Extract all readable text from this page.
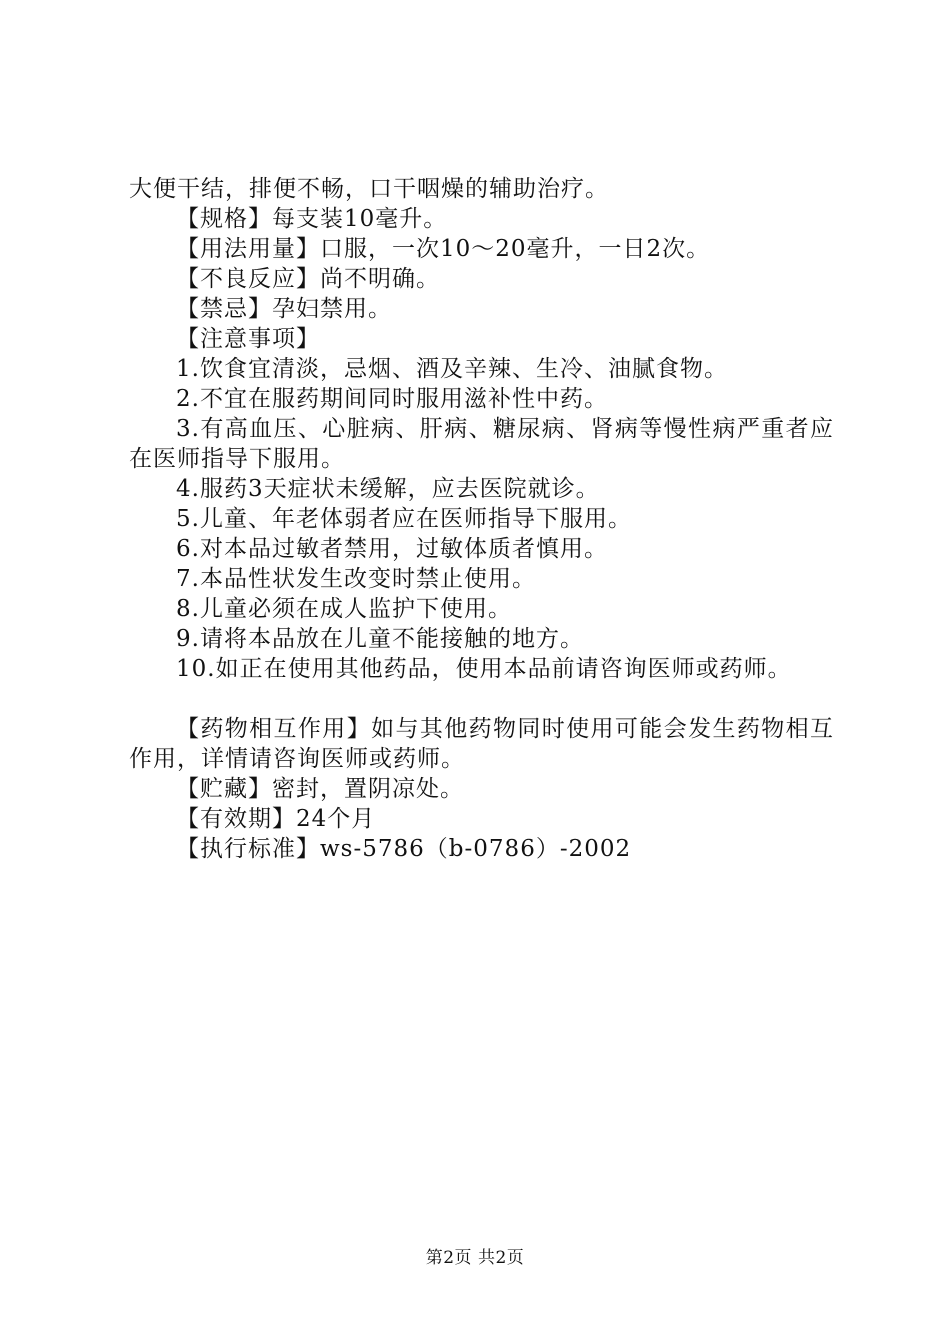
大便干结，排便不畅，口干咽燥的辅助治疗。
【规格】每支装10毫升。
【用法用量】口服，一次10～20毫升，一日2次。
【不良反应】尚不明确。
【禁忌】孕妇禁用。
【注意事项】
1.饮食宜清淡，忌烟、酒及辛辣、生冷、油腻食物。
2.不宜在服药期间同时服用滋补性中药。
3.有高血压、心脏病、肝病、糖尿病、肾病等慢性病严重者应在医师指导下服用。
4.服药3天症状未缓解，应去医院就诊。
5.儿童、年老体弱者应在医师指导下服用。
6.对本品过敏者禁用，过敏体质者慎用。
7.本品性状发生改变时禁止使用。
8.儿童必须在成人监护下使用。
9.请将本品放在儿童不能接触的地方。
10.如正在使用其他药品，使用本品前请咨询医师或药师。
【药物相互作用】如与其他药物同时使用可能会发生药物相互作用，详情请咨询医师或药师。
【贮藏】密封，置阴凉处。
【有效期】24个月
【执行标准】ws-5786（b-0786）-2002
第2页 共2页
